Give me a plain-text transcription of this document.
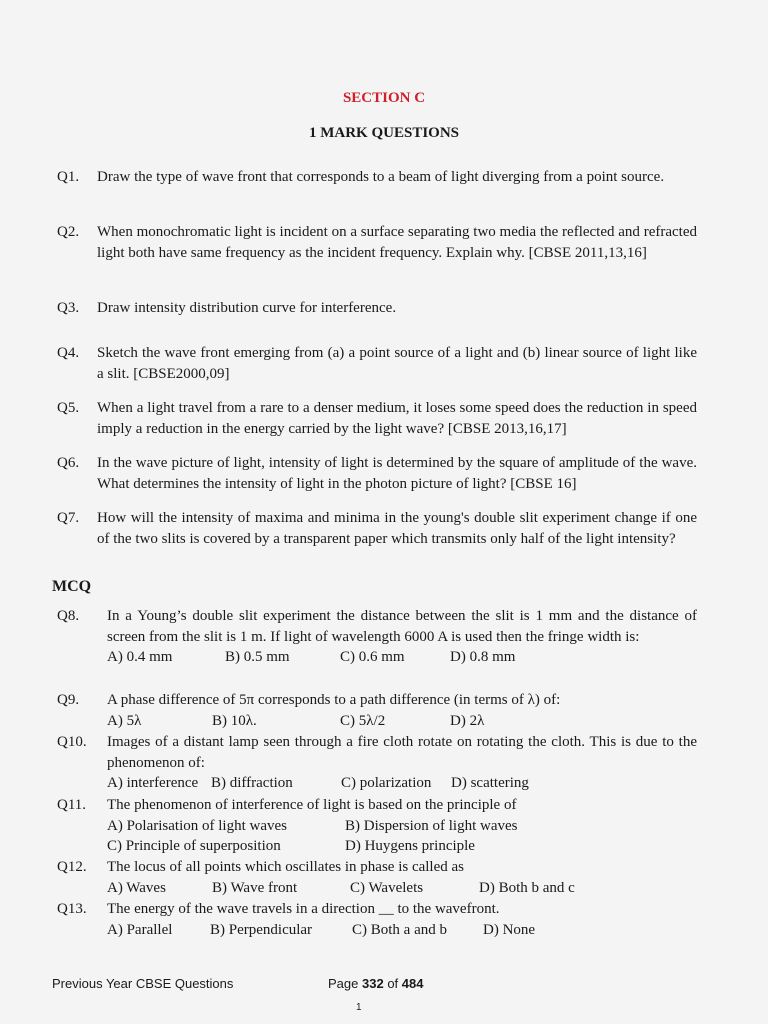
SECTION C
1 MARK QUESTIONS
Q1. Draw the type of wave front that corresponds to a beam of light diverging from a point source.
Q2. When monochromatic light is incident on a surface separating two media the reflected and refracted light both have same frequency as the incident frequency. Explain why. [CBSE 2011,13,16]
Q3. Draw intensity distribution curve for interference.
Q4. Sketch the wave front emerging from (a) a point source of a light and (b) linear source of light like a slit. [CBSE2000,09]
Q5. When a light travel from a rare to a denser medium, it loses some speed does the reduction in speed imply a reduction in the energy carried by the light wave? [CBSE 2013,16,17]
Q6. In the wave picture of light, intensity of light is determined by the square of amplitude of the wave. What determines the intensity of light in the photon picture of light? [CBSE 16]
Q7. How will the intensity of maxima and minima in the young's double slit experiment change if one of the two slits is covered by a transparent paper which transmits only half of the light intensity?
MCQ
Q8. In a Young’s double slit experiment the distance between the slit is 1 mm and the distance of screen from the slit is 1 m. If light of wavelength 6000 A is used then the fringe width is:
A) 0.4 mm	B) 0.5 mm	C) 0.6 mm	D) 0.8 mm
Q9. A phase difference of 5π corresponds to a path difference (in terms of λ) of:
A) 5λ	B) 10λ.	C) 5λ/2	D) 2λ
Q10. Images of a distant lamp seen through a fire cloth rotate on rotating the cloth. This is due to the phenomenon of:
A) interference B) diffraction	C) polarization D) scattering
Q11. The phenomenon of interference of light is based on the principle of
A) Polarisation of light waves	B) Dispersion of light waves
C) Principle of superposition	D) Huygens principle
Q12. The locus of all points which oscillates in phase is called as
A) Waves	B) Wave front	C) Wavelets	D) Both b and c
Q13. The energy of the wave travels in a direction __ to the wavefront.
A) Parallel	B) Perpendicular	C) Both a and b D) None
Previous Year CBSE Questions	Page 332 of 484
1
